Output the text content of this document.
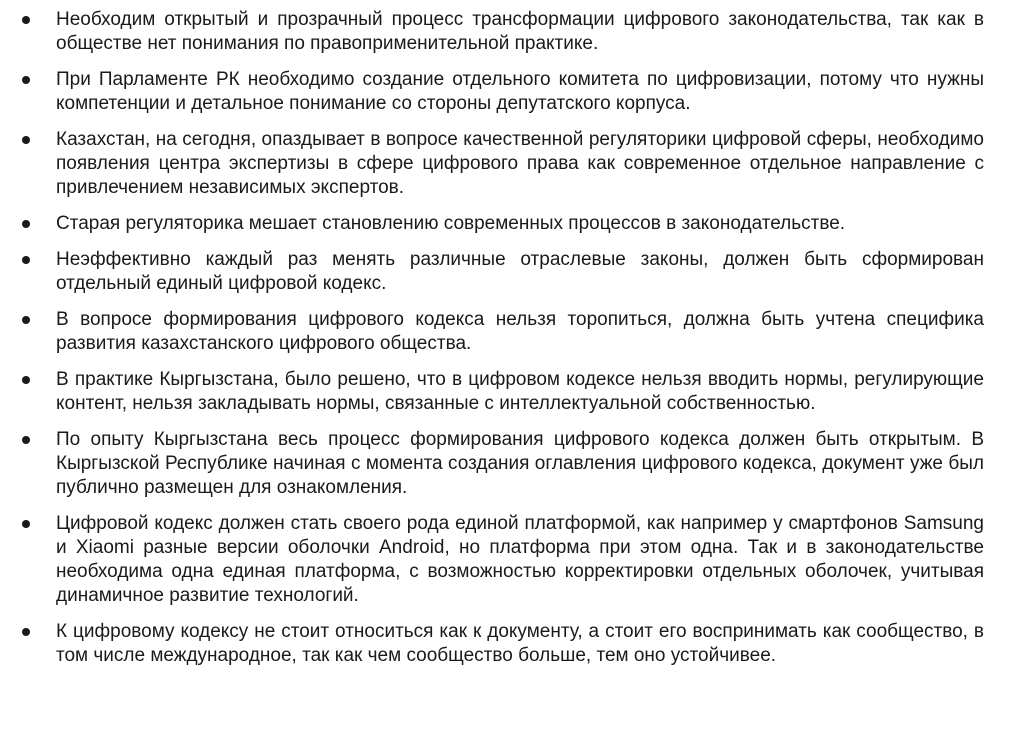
Необходим открытый и прозрачный процесс трансформации цифрового законодательства, так как в обществе нет понимания по правоприменительной практике.
При Парламенте РК необходимо создание отдельного комитета по цифровизации, потому что нужны компетенции и детальное понимание со стороны депутатского корпуса.
Казахстан, на сегодня, опаздывает в вопросе качественной регуляторики цифровой сферы, необходимо появления центра экспертизы в сфере цифрового права как современное отдельное направление с привлечением независимых экспертов.
Старая регуляторика мешает становлению современных процессов в законодательстве.
Неэффективно каждый раз менять различные отраслевые законы, должен быть сформирован отдельный единый цифровой кодекс.
В вопросе формирования цифрового кодекса нельзя торопиться, должна быть учтена специфика развития казахстанского цифрового общества.
В практике Кыргызстана, было решено, что в цифровом кодексе нельзя вводить нормы, регулирующие контент, нельзя закладывать нормы, связанные с интеллектуальной собственностью.
По опыту Кыргызстана весь процесс формирования цифрового кодекса должен быть открытым. В Кыргызской Республике начиная с момента создания оглавления цифрового кодекса, документ уже был публично размещен для ознакомления.
Цифровой кодекс должен стать своего рода единой платформой, как например у смартфонов Samsung и Xiaomi разные версии оболочки Android, но платформа при этом одна. Так и в законодательстве необходима одна единая платформа, с возможностью корректировки отдельных оболочек, учитывая динамичное развитие технологий.
К цифровому кодексу не стоит относиться как к документу, а стоит его воспринимать как сообщество, в том числе международное, так как чем сообщество больше, тем оно устойчивее.
